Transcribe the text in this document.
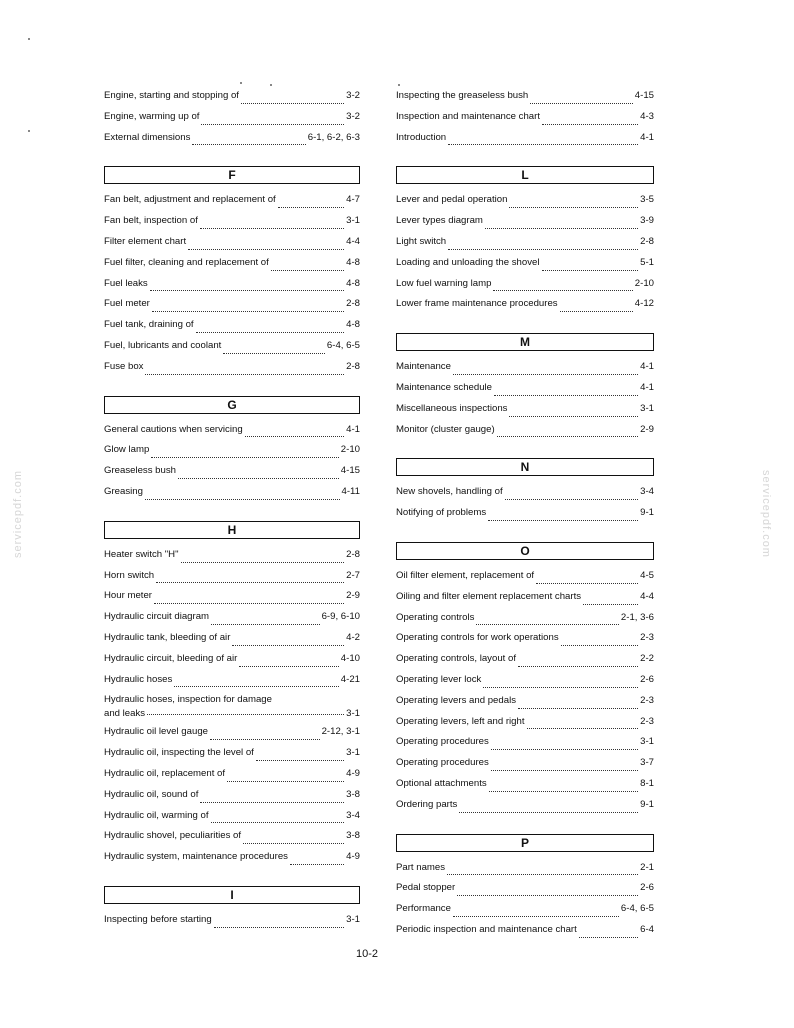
Engine, starting and stopping of	3-2
Engine, warming up of	3-2
External dimensions	6-1, 6-2, 6-3
F
Fan belt, adjustment and replacement of	4-7
Fan belt, inspection of	3-1
Filter element chart	4-4
Fuel filter, cleaning and replacement of	4-8
Fuel leaks	4-8
Fuel meter	2-8
Fuel tank, draining of	4-8
Fuel, lubricants and coolant	6-4, 6-5
Fuse box	2-8
G
General cautions when servicing	4-1
Glow lamp	2-10
Greaseless bush	4-15
Greasing	4-11
H
Heater switch "H"	2-8
Horn switch	2-7
Hour meter	2-9
Hydraulic circuit diagram	6-9, 6-10
Hydraulic tank, bleeding of air	4-2
Hydraulic circuit, bleeding of air	4-10
Hydraulic hoses	4-21
Hydraulic hoses, inspection for damage
and leaks	3-1
Hydraulic oil level gauge	2-12, 3-1
Hydraulic oil, inspecting the level of	3-1
Hydraulic oil, replacement of	4-9
Hydraulic oil, sound of	3-8
Hydraulic oil, warming of	3-4
Hydraulic shovel, peculiarities of	3-8
Hydraulic system, maintenance procedures	4-9
I
Inspecting before starting	3-1
Inspecting the greaseless bush	4-15
Inspection and maintenance chart	4-3
Introduction	4-1
L
Lever and pedal operation	3-5
Lever types diagram	3-9
Light switch	2-8
Loading and unloading the shovel	5-1
Low fuel warning lamp	2-10
Lower frame maintenance procedures	4-12
M
Maintenance	4-1
Maintenance schedule	4-1
Miscellaneous inspections	3-1
Monitor (cluster gauge)	2-9
N
New shovels, handling of	3-4
Notifying of problems	9-1
O
Oil filter element, replacement of	4-5
Oiling and filter element replacement charts	4-4
Operating controls	2-1, 3-6
Operating controls for work operations	2-3
Operating controls, layout of	2-2
Operating lever lock	2-6
Operating levers and pedals	2-3
Operating levers, left and right	2-3
Operating procedures	3-1
Operating procedures	3-7
Optional attachments	8-1
Ordering parts	9-1
P
Part names	2-1
Pedal stopper	2-6
Performance	6-4, 6-5
Periodic inspection and maintenance chart	6-4
servicepdf.com	servicepdf.com
10-2
